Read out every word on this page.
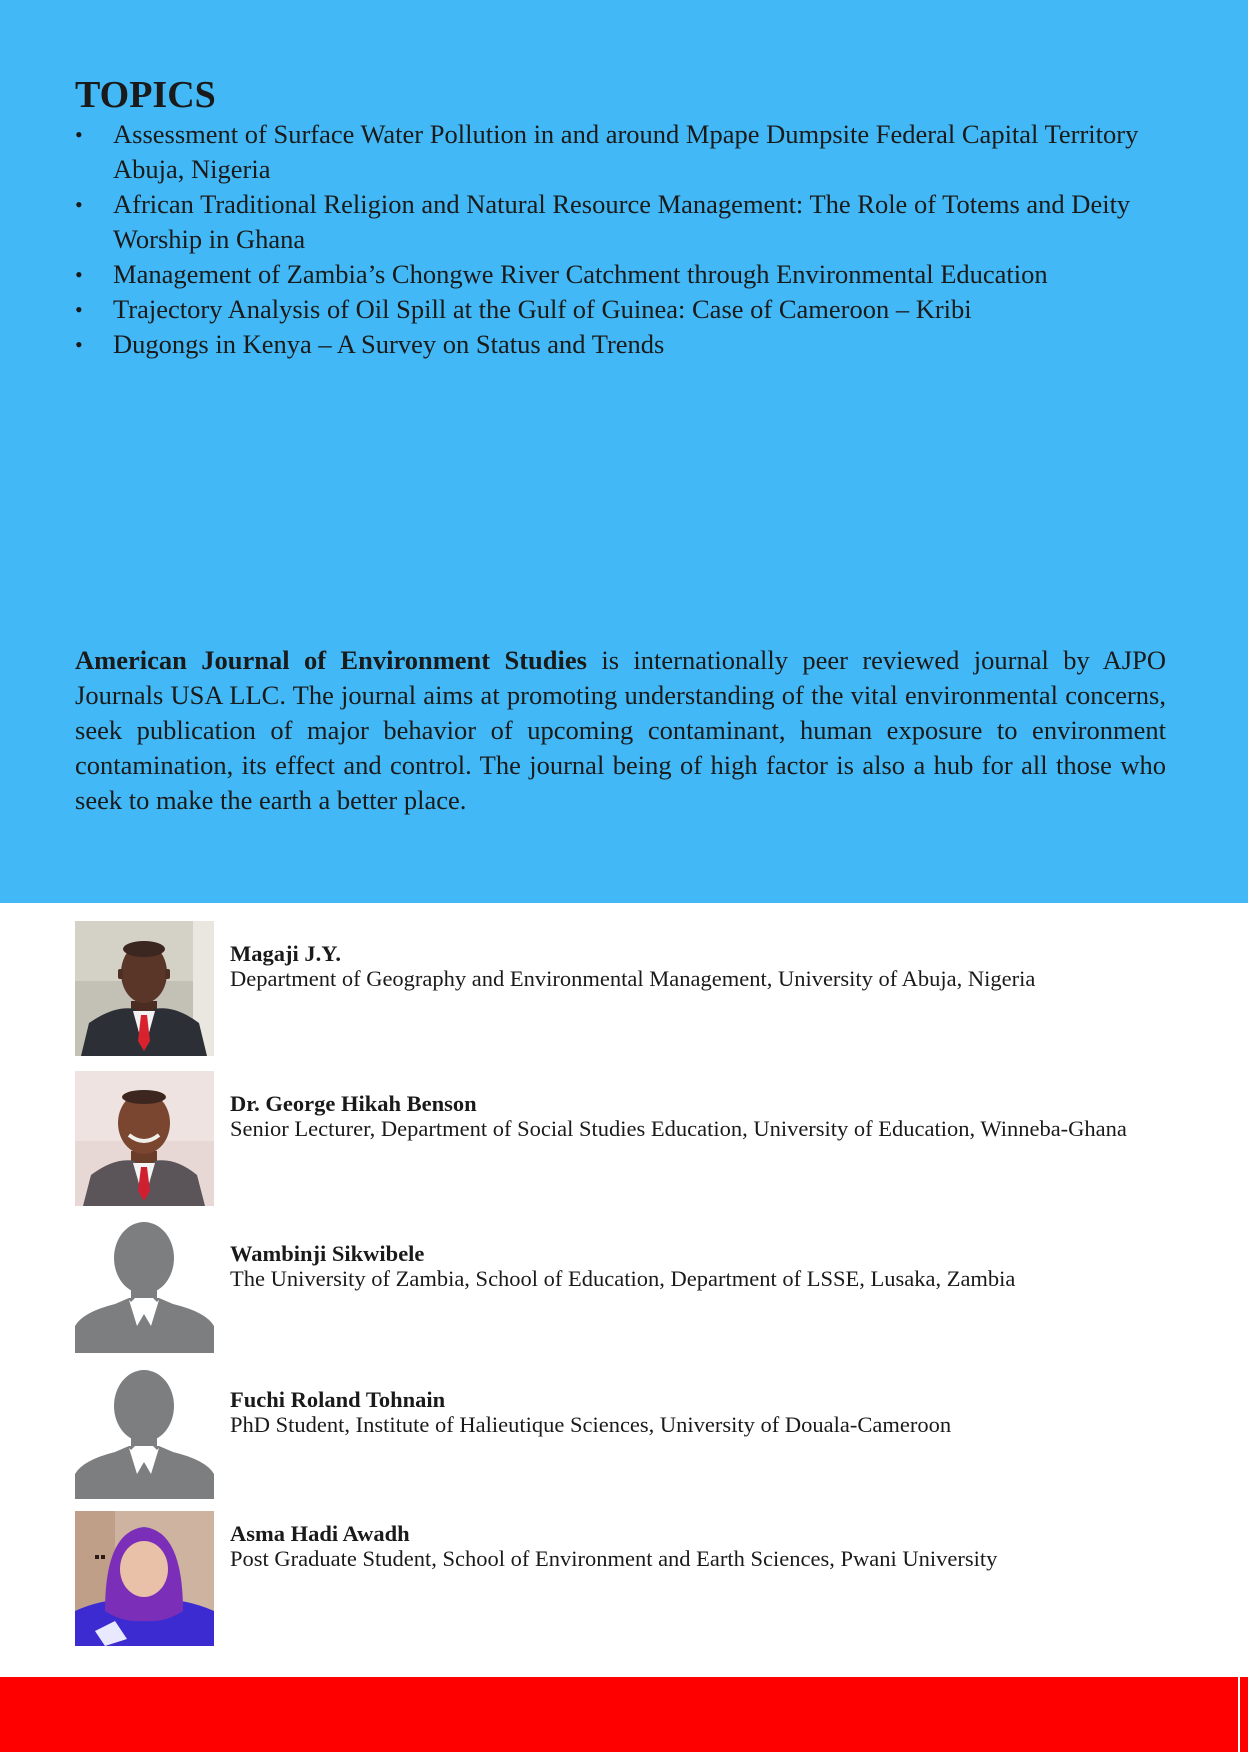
TOPICS
• Assessment of Surface Water Pollution in and around Mpape Dumpsite Federal Capital Territory Abuja, Nigeria
• African Traditional Religion and Natural Resource Management: The Role of Totems and Deity Worship in Ghana
• Management of Zambia’s Chongwe River Catchment through Environmental Education
• Trajectory Analysis of Oil Spill at the Gulf of Guinea: Case of Cameroon – Kribi
• Dugongs in Kenya – A Survey on Status and Trends

American Journal of Environment Studies is internationally peer reviewed journal by AJPO Journals USA LLC. The journal aims at promoting understanding of the vital environmental concerns, seek publication of major behavior of upcoming contaminant, human exposure to environment contamination, its effect and control. The journal being of high factor is also a hub for all those who seek to make the earth a better place.

Magaji J.Y.
Department of Geography and Environmental Management, University of Abuja, Nigeria
Dr. George Hikah Benson
Senior Lecturer, Department of Social Studies Education, University of Education, Winneba-Ghana
Wambinji Sikwibele
The University of Zambia, School of Education, Department of LSSE, Lusaka, Zambia
Fuchi Roland Tohnain
PhD Student, Institute of Halieutique Sciences, University of Douala-Cameroon
Asma Hadi Awadh
Post Graduate Student, School of Environment and Earth Sciences, Pwani University
